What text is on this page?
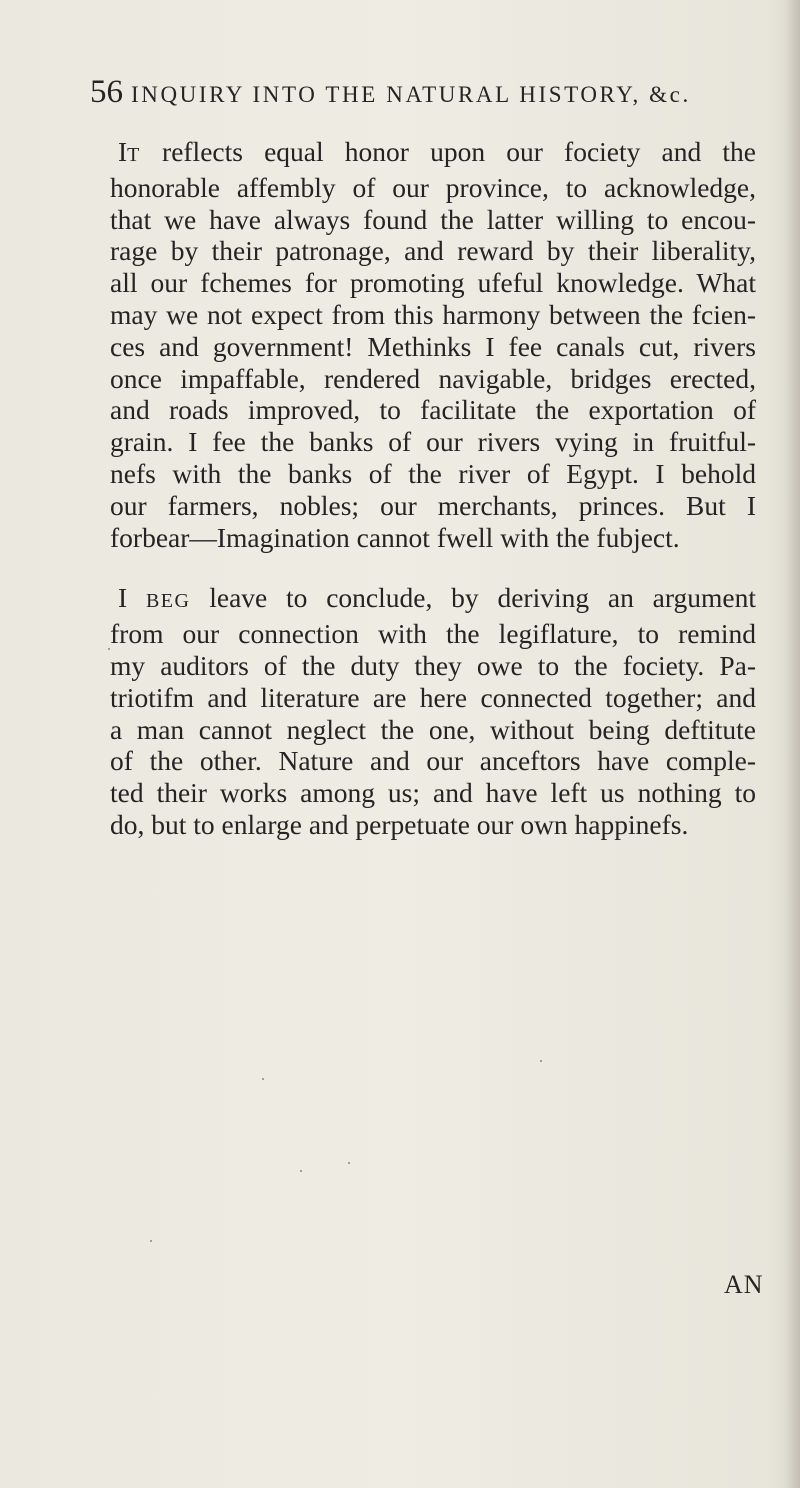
56 INQUIRY INTO THE NATURAL HISTORY, &c.

IT reflects equal honor upon our fociety and the
honorable affembly of our province, to acknowledge,
that we have always found the latter willing to encou-
rage by their patronage, and reward by their liberality,
all our fchemes for promoting ufeful knowledge. What
may we not expect from this harmony between the fcien-
ces and government! Methinks I fee canals cut, rivers
once impaffable, rendered navigable, bridges erected,
and roads improved, to facilitate the exportation of
grain. I fee the banks of our rivers vying in fruitful-
nefs with the banks of the river of Egypt. I behold
our farmers, nobles; our merchants, princes. But I
forbear—Imagination cannot fwell with the fubject.

I BEG leave to conclude, by deriving an argument
from our connection with the legiflature, to remind
my auditors of the duty they owe to the fociety. Pa-
triotifm and literature are here connected together; and
a man cannot neglect the one, without being deftitute
of the other. Nature and our anceftors have comple-
ted their works among us; and have left us nothing to
do, but to enlarge and perpetuate our own happinefs.

AN
